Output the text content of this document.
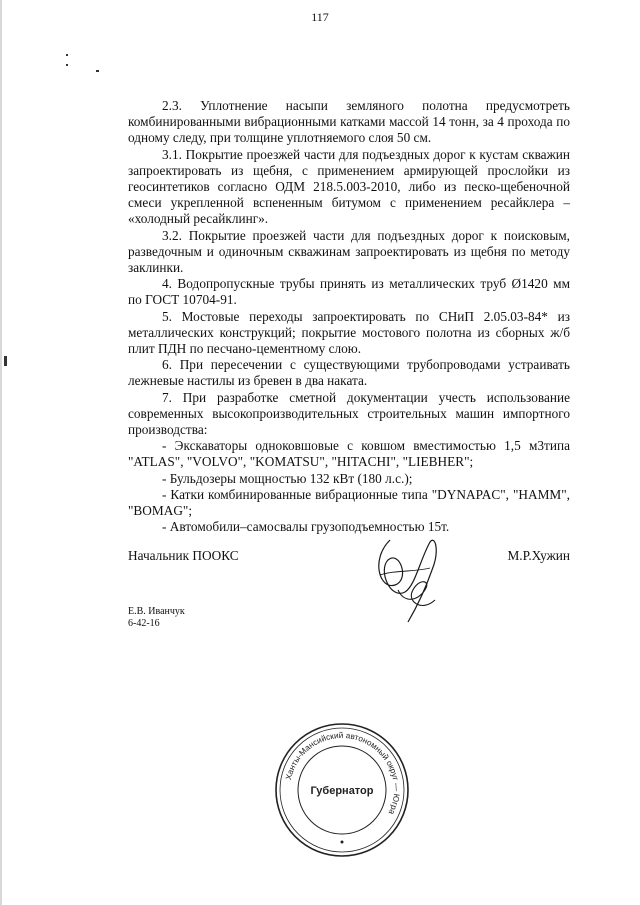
117

2.3. Уплотнение насыпи земляного полотна предусмотреть комбинированными вибрационными катками массой 14 тонн, за 4 прохода по одному следу, при толщине уплотняемого слоя 50 см.

3.1. Покрытие проезжей части для подъездных дорог к кустам скважин запроектировать из щебня, с применением армирующей прослойки из геосинтетиков согласно ОДМ 218.5.003-2010, либо из песко-щебеночной смеси укрепленной вспененным битумом с применением ресайклера – «холодный ресайклинг».

3.2. Покрытие проезжей части для подъездных дорог к поисковым, разведочным и одиночным скважинам запроектировать из щебня по методу заклинки.

4. Водопропускные трубы принять из металлических труб Ø1420 мм по ГОСТ 10704-91.

5. Мостовые переходы запроектировать по СНиП 2.05.03-84* из металлических конструкций; покрытие мостового полотна из сборных ж/б плит ПДН по песчано-цементному слою.

6. При пересечении с существующими трубопроводами устраивать лежневые настилы из бревен в два наката.

7. При разработке сметной документации учесть использование современных высокопроизводительных строительных машин импортного производства:

- Экскаваторы одноковшовые с ковшом вместимостью 1,5 м3типа "ATLAS", "VOLVO", "KOMATSU", "HITACHI", "LIEBHER";

- Бульдозеры мощностью 132 кВт (180 л.с.);

- Катки комбинированные вибрационные типа "DYNAPAC", "HAMM", "BOMAG";

- Автомобили–самосвалы грузоподъемностью 15т.

Начальник ПООКС	М.Р.Хужин
Е.В. Иванчук
6-42-16
Ханты-Мансийский автономный округ — Югра
Губернатор
